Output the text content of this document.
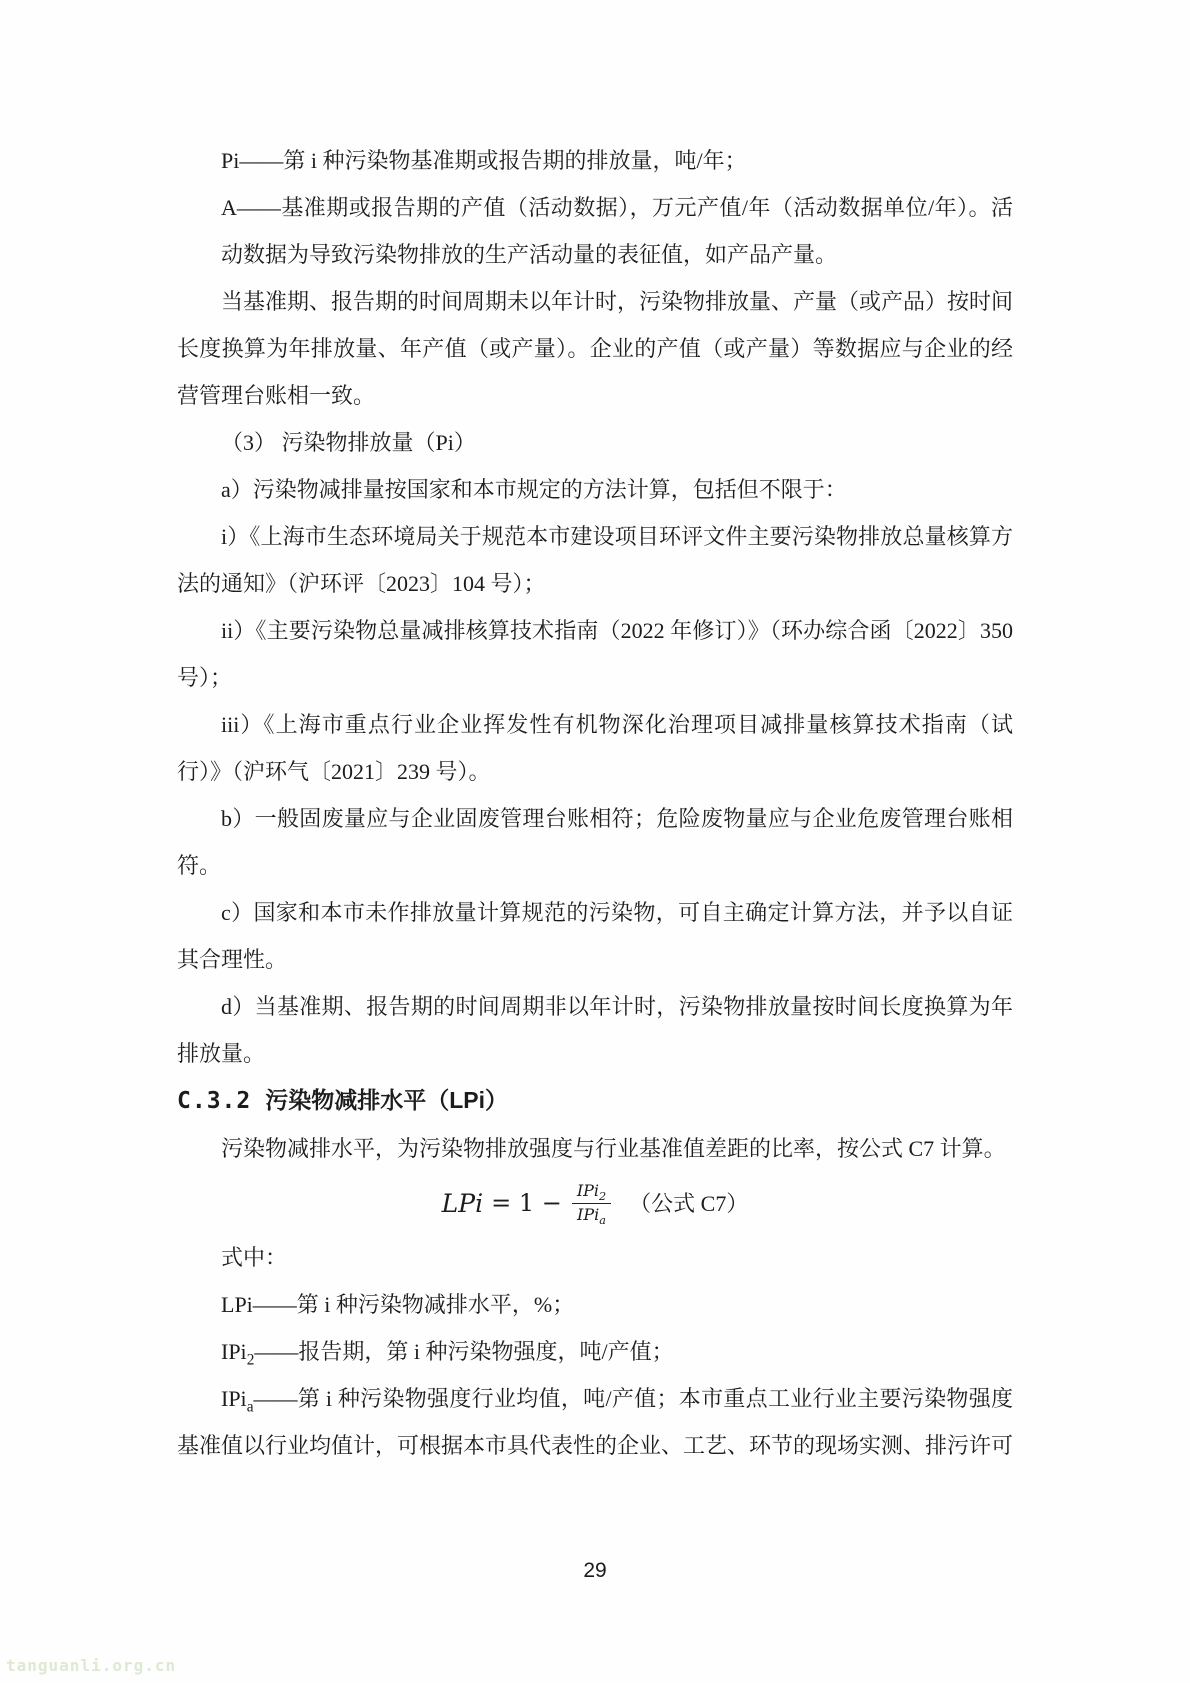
Pi——第 i 种污染物基准期或报告期的排放量，吨/年；

A——基准期或报告期的产值（活动数据），万元产值/年（活动数据单位/年）。活动数据为导致污染物排放的生产活动量的表征值，如产品产量。

当基准期、报告期的时间周期未以年计时，污染物排放量、产量（或产品）按时间长度换算为年排放量、年产值（或产量）。企业的产值（或产量）等数据应与企业的经营管理台账相一致。

（3） 污染物排放量（Pi）

a）污染物减排量按国家和本市规定的方法计算，包括但不限于：

i）《上海市生态环境局关于规范本市建设项目环评文件主要污染物排放总量核算方法的通知》（沪环评〔2023〕104 号）；

ii）《主要污染物总量减排核算技术指南（2022 年修订）》（环办综合函〔2022〕350 号）；

iii）《上海市重点行业企业挥发性有机物深化治理项目减排量核算技术指南（试行）》（沪环气〔2021〕239 号）。

b）一般固废量应与企业固废管理台账相符；危险废物量应与企业危废管理台账相符。

c）国家和本市未作排放量计算规范的污染物，可自主确定计算方法，并予以自证其合理性。

d）当基准期、报告期的时间周期非以年计时，污染物排放量按时间长度换算为年排放量。

C.3.2 污染物减排水平（LPi）

污染物减排水平，为污染物排放强度与行业基准值差距的比率，按公式 C7 计算。

LPi = $1 - \frac{IPi_2}{IPi_a}$ （公式 C7）

式中：

LPi——第 i 种污染物减排水平，%；

IPi$_2$——报告期，第 i 种污染物强度，吨/产值；

IPi$_a$——第 i 种污染物强度行业均值，吨/产值；本市重点工业行业主要污染物强度基准值以行业均值计，可根据本市具代表性的企业、工艺、环节的现场实测、排污许可

29
tanguanli.org.cn
